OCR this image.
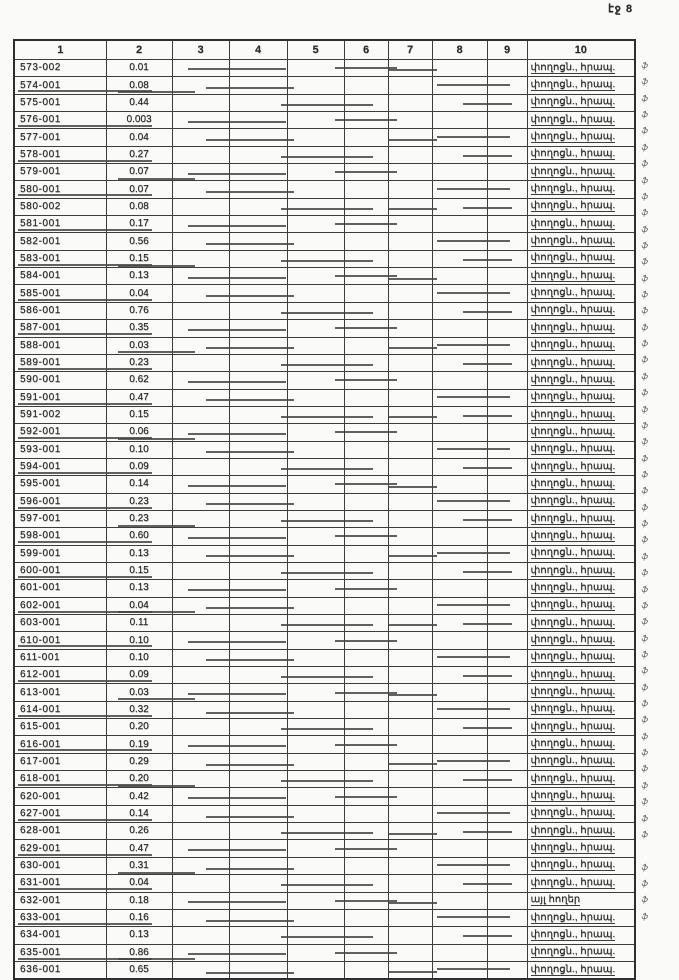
էջ 8
1	2	3	4	5	6	7	8	9	10
573-002	0.01								փողոցն., հրապ.
574-001	0.08								փողոցն., հրապ.
575-001	0.44								փողոցն., հրապ.
576-001	0.003								փողոցն., հրապ.
577-001	0.04								փողոցն., հրապ.
578-001	0.27								փողոցն., հրապ.
579-001	0.07								փողոցն., հրապ.
580-001	0.07								փողոցն., հրապ.
580-002	0.08								փողոցն., հրապ.
581-001	0.17								փողոցն., հրապ.
582-001	0.56								փողոցն., հրապ.
583-001	0.15								փողոցն., հրապ.
584-001	0.13								փողոցն., հրապ.
585-001	0.04								փողոցն., հրապ.
586-001	0.76								փողոցն., հրապ.
587-001	0.35								փողոցն., հրապ.
588-001	0.03								փողոցն., հրապ.
589-001	0.23								փողոցն., հրապ.
590-001	0.62								փողոցն., հրապ.
591-001	0.47								փողոցն., հրապ.
591-002	0.15								փողոցն., հրապ.
592-001	0.06								փողոցն., հրապ.
593-001	0.10								փողոցն., հրապ.
594-001	0.09								փողոցն., հրապ.
595-001	0.14								փողոցն., հրապ.
596-001	0.23								փողոցն., հրապ.
597-001	0.23								փողոցն., հրապ.
598-001	0.60								փողոցն., հրապ.
599-001	0.13								փողոցն., հրապ.
600-001	0.15								փողոցն., հրապ.
601-001	0.13								փողոցն., հրապ.
602-001	0.04								փողոցն., հրապ.
603-001	0.11								փողոցն., հրապ.
610-001	0.10								փողոցն., հրապ.
611-001	0.10								փողոցն., հրապ.
612-001	0.09								փողոցն., հրապ.
613-001	0.03								փողոցն., հրապ.
614-001	0.32								փողոցն., հրապ.
615-001	0.20								փողոցն., հրապ.
616-001	0.19								փողոցն., հրապ.
617-001	0.29								փողոցն., հրապ.
618-001	0.20								փողոցն., հրապ.
620-001	0.42								փողոցն., հրապ.
627-001	0.14								փողոցն., հրապ.
628-001	0.26								փողոցն., հրապ.
629-001	0.47								փողոցն., հրապ.
630-001	0.31								փողոցն., հրապ.
631-001	0.04								փողոցն., հրապ.
632-001	0.18								այլ հողեր
633-001	0.16								փողոցն., հրապ.
634-001	0.13								փողոցն., հրապ.
635-001	0.86								փողոցն., հրապ.
636-001	0.65								փողոցն., հրապ.
ֆ
ֆ
ֆ
ֆ
ֆ
ֆ
ֆ
ֆ
ֆ
ֆ
ֆ
ֆ
ֆ
ֆ
ֆ
ֆ
ֆ
ֆ
ֆ
ֆ
ֆ
ֆ
ֆ
ֆ
ֆ
ֆ
ֆ
ֆ
ֆ
ֆ
ֆ
ֆ
ֆ
ֆ
ֆ
ֆ
ֆ
ֆ
ֆ
ֆ
ֆ
ֆ
ֆ
ֆ
ֆ
ֆ
ֆ
ֆ
ֆ
ֆ
ֆ
ֆ
